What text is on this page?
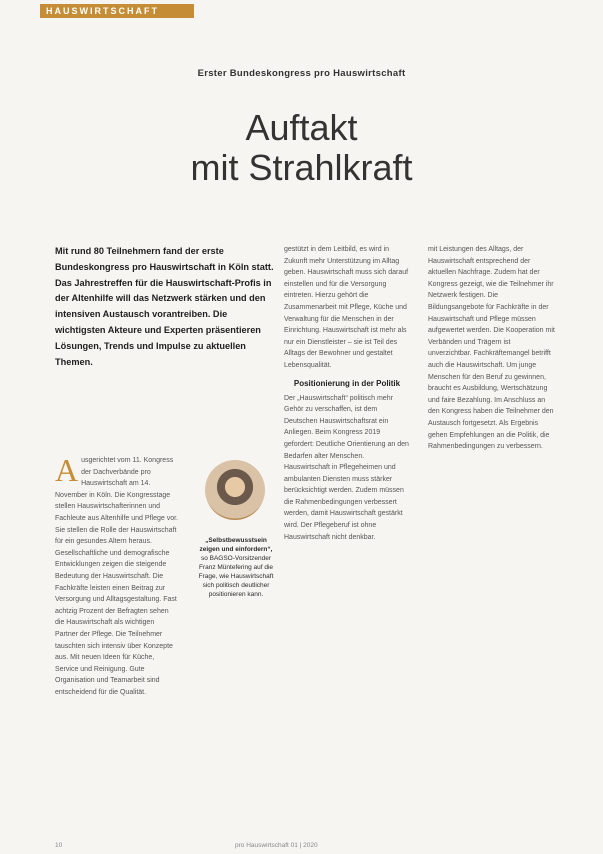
HAUSWIRTSCHAFT
Erster Bundeskongress pro Hauswirtschaft
Auftakt
mit Strahlkraft
Mit rund 80 Teilnehmern fand der erste Bundeskongress pro Hauswirtschaft in Köln statt. Das Jahrestreffen für die Hauswirtschaft-Profis in der Altenhilfe will das Netzwerk stärken und den intensiven Austausch vorantreiben. Die wichtigsten Akteure und Experten präsentieren Lösungen, Trends und Impulse zu aktuellen Themen.
A usgerichtet vom 11. Kongress der Dachverbände pro Hauswirtschaft am 14. November in Köln. Die Kongresstage stellen Hauswirtschafterinnen und Fachleute aus Altenhilfe und Pflege vor. Sie stellen die Rolle der Hauswirtschaft für ein gesundes Altern heraus. Gesellschaftliche und demografische Entwicklungen zeigen die steigende Bedeutung der Hauswirtschaft. Die Fachkräfte leisten einen Beitrag zur Versorgung und Alltagsgestaltung. Fast achtzig Prozent der Befragten sehen die Hauswirtschaft als wichtigen Partner der Pflege. Die Teilnehmer tauschten sich intensiv über Konzepte aus. Mit neuen Ideen für Küche, Service und Reinigung. Gute Organisation und Teamarbeit sind entscheidend für die Qualität.
„Selbstbewusstsein zeigen und einfordern“, so BAGSO-Vorsitzender Franz Müntefering auf die Frage, wie Hauswirtschaft sich politisch deutlicher positionieren kann.
gestützt in dem Leitbild, es wird in Zukunft mehr Unterstützung im Alltag geben. Hauswirtschaft muss sich darauf einstellen und für die Versorgung eintreten. Hierzu gehört die Zusammenarbeit mit Pflege, Küche und Verwaltung für die Menschen in der Einrichtung. Hauswirtschaft ist mehr als nur ein Dienstleister – sie ist Teil des Alltags der Bewohner und gestaltet Lebensqualität.
Positionierung in der Politik
Der „Hauswirtschaft“ politisch mehr Gehör zu verschaffen, ist dem Deutschen Hauswirtschaftsrat ein Anliegen. Beim Kongress 2019 gefordert: Deutliche Orientierung an den Bedarfen alter Menschen. Hauswirtschaft in Pflegeheimen und ambulanten Diensten muss stärker berücksichtigt werden. Zudem müssen die Rahmenbedingungen verbessert werden, damit Hauswirtschaft gestärkt wird. Der Pflegeberuf ist ohne Hauswirtschaft nicht denkbar.
mit Leistungen des Alltags, der Hauswirtschaft entsprechend der aktuellen Nachfrage. Zudem hat der Kongress gezeigt, wie die Teilnehmer ihr Netzwerk festigen. Die Bildungsangebote für Fachkräfte in der Hauswirtschaft und Pflege müssen aufgewertet werden. Die Kooperation mit Verbänden und Trägern ist unverzichtbar. Fachkräftemangel betrifft auch die Hauswirtschaft. Um junge Menschen für den Beruf zu gewinnen, braucht es Ausbildung, Wertschätzung und faire Bezahlung. Im Anschluss an den Kongress haben die Teilnehmer den Austausch fortgesetzt. Als Ergebnis gehen Empfehlungen an die Politik, die Rahmenbedingungen zu verbessern.
10	pro Hauswirtschaft 01 | 2020
